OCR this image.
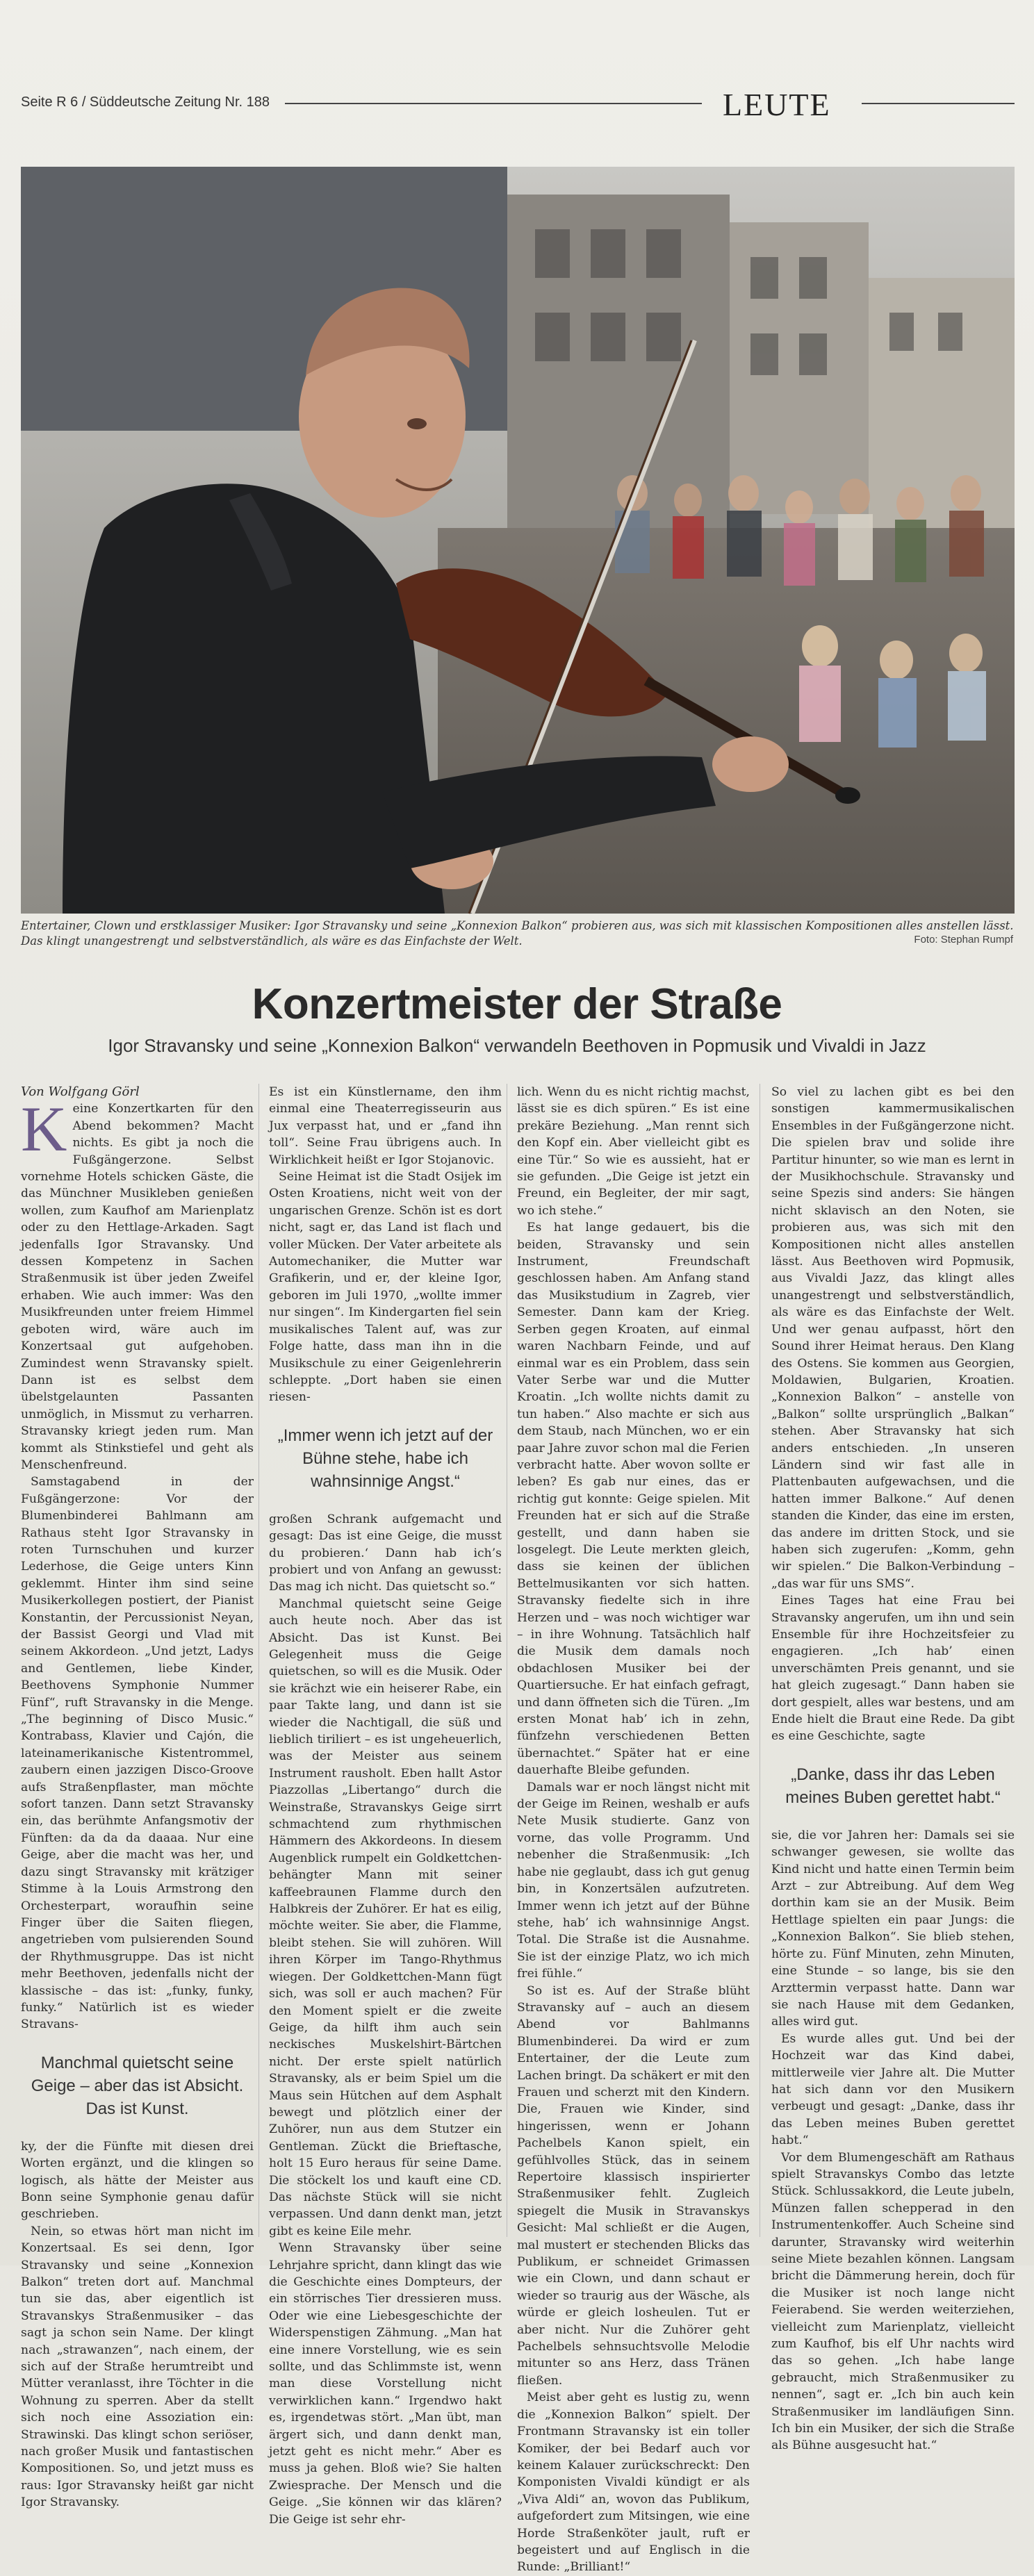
Seite R 6 / Süddeutsche Zeitung Nr. 188	LEUTE
Entertainer, Clown und erstklassiger Musiker: Igor Stravansky und seine „Konnexion Balkon“ probieren aus, was sich mit klassischen Kompositionen alles anstellen lässt. Das klingt unangestrengt und selbstverständlich, als wäre es das Einfachste der Welt.	Foto: Stephan Rumpf
Konzertmeister der Straße
Igor Stravansky und seine „Konnexion Balkon“ verwandeln Beethoven in Popmusik und Vivaldi in Jazz

Von Wolfgang Görl

Keine Konzertkarten für den Abend bekommen? Macht nichts. Es gibt ja noch die Fußgängerzone. Selbst vornehme Hotels schicken Gäste, die das Münchner Musikleben genießen wollen, zum Kaufhof am Marienplatz oder zu den Hettlage-Arkaden. Sagt jedenfalls Igor Stravansky. Und dessen Kompetenz in Sachen Straßenmusik ist über jeden Zweifel erhaben. Wie auch immer: Was den Musikfreunden unter freiem Himmel geboten wird, wäre auch im Konzertsaal gut aufgehoben. Zumindest wenn Stravansky spielt. Dann ist es selbst dem übelstgelaunten Passanten unmöglich, in Missmut zu verharren. Stravansky kriegt jeden rum. Man kommt als Stinkstiefel und geht als Menschenfreund.

Samstagabend in der Fußgängerzone: Vor der Blumenbinderei Bahlmann am Rathaus steht Igor Stravansky in roten Turnschuhen und kurzer Lederhose, die Geige unters Kinn geklemmt. Hinter ihm sind seine Musikerkollegen postiert, der Pianist Konstantin, der Percussionist Neyan, der Bassist Georgi und Vlad mit seinem Akkordeon. „Und jetzt, Ladys and Gentlemen, liebe Kinder, Beethovens Symphonie Nummer Fünf“, ruft Stravansky in die Menge. „The beginning of Disco Music.“ Kontrabass, Klavier und Cajón, die lateinamerikanische Kistentrommel, zaubern einen jazzigen Disco-Groove aufs Straßenpflaster, man möchte sofort tanzen. Dann setzt Stravansky ein, das berühmte Anfangsmotiv der Fünften: da da da daaaa. Nur eine Geige, aber die macht was her, und dazu singt Stravansky mit krätziger Stimme à la Louis Armstrong den Orchesterpart, woraufhin seine Finger über die Saiten fliegen, angetrieben vom pulsierenden Sound der Rhythmusgruppe. Das ist nicht mehr Beethoven, jedenfalls nicht der klassische – das ist: „funky, funky, funky.“ Natürlich ist es wieder Stravans-

Manchmal quietscht seine Geige – aber das ist Absicht. Das ist Kunst.

ky, der die Fünfte mit diesen drei Worten ergänzt, und die klingen so logisch, als hätte der Meister aus Bonn seine Symphonie genau dafür geschrieben.

Nein, so etwas hört man nicht im Konzertsaal. Es sei denn, Igor Stravansky und seine „Konnexion Balkon“ treten dort auf. Manchmal tun sie das, aber eigentlich ist Stravanskys Straßenmusiker – das sagt ja schon sein Name. Der klingt nach „strawanzen“, nach einem, der sich auf der Straße herumtreibt und Mütter veranlasst, ihre Töchter in die Wohnung zu sperren. Aber da stellt sich noch eine Assoziation ein: Strawinski. Das klingt schon seriöser, nach großer Musik und fantastischen Kompositionen. So, und jetzt muss es raus: Igor Stravansky heißt gar nicht Igor Stravansky.

Es ist ein Künstlername, den ihm einmal eine Theaterregisseurin aus Jux verpasst hat, und er „fand ihn toll“. Seine Frau übrigens auch. In Wirklichkeit heißt er Igor Stojanovic.

Seine Heimat ist die Stadt Osijek im Osten Kroatiens, nicht weit von der ungarischen Grenze. Schön ist es dort nicht, sagt er, das Land ist flach und voller Mücken. Der Vater arbeitete als Automechaniker, die Mutter war Grafikerin, und er, der kleine Igor, geboren im Juli 1970, „wollte immer nur singen“. Im Kindergarten fiel sein musikalisches Talent auf, was zur Folge hatte, dass man ihn in die Musikschule zu einer Geigenlehrerin schleppte. „Dort haben sie einen riesen-

„Immer wenn ich jetzt auf der Bühne stehe, habe ich wahnsinnige Angst.“

großen Schrank aufgemacht und gesagt: Das ist eine Geige, die musst du probieren.‘ Dann hab ich’s probiert und von Anfang an gewusst: Das mag ich nicht. Das quietscht so.“

Manchmal quietscht seine Geige auch heute noch. Aber das ist Absicht. Das ist Kunst. Bei Gelegenheit muss die Geige quietschen, so will es die Musik. Oder sie krächzt wie ein heiserer Rabe, ein paar Takte lang, und dann ist sie wieder die Nachtigall, die süß und lieblich tiriliert – es ist ungeheuerlich, was der Meister aus seinem Instrument rausholt. Eben hallt Astor Piazzollas „Libertango“ durch die Weinstraße, Stravanskys Geige sirrt schmachtend zum rhythmischen Hämmern des Akkordeons. In diesem Augenblick rumpelt ein Goldkettchen-behängter Mann mit seiner kaffeebraunen Flamme durch den Halbkreis der Zuhörer. Er hat es eilig, möchte weiter. Sie aber, die Flamme, bleibt stehen. Sie will zuhören. Will ihren Körper im Tango-Rhythmus wiegen. Der Goldkettchen-Mann fügt sich, was soll er auch machen? Für den Moment spielt er die zweite Geige, da hilft ihm auch sein neckisches Muskelshirt-Bärtchen nicht. Der erste spielt natürlich Stravansky, als er beim Spiel um die Maus sein Hütchen auf dem Asphalt bewegt und plötzlich einer der Zuhörer, nun aus dem Stutzer ein Gentleman. Zückt die Brieftasche, holt 15 Euro heraus für seine Dame. Die stöckelt los und kauft eine CD. Das nächste Stück will sie nicht verpassen. Und dann denkt man, jetzt gibt es keine Eile mehr.

Wenn Stravansky über seine Lehrjahre spricht, dann klingt das wie die Geschichte eines Dompteurs, der ein störrisches Tier dressieren muss. Oder wie eine Liebesgeschichte der Widerspenstigen Zähmung. „Man hat eine innere Vorstellung, wie es sein sollte, und das Schlimmste ist, wenn man diese Vorstellung nicht verwirklichen kann.“ Irgendwo hakt es, irgendetwas stört. „Man übt, man ärgert sich, und dann denkt man, jetzt geht es nicht mehr.“ Aber es muss ja gehen. Bloß wie? Sie halten Zwiesprache. Der Mensch und die Geige. „Sie können wir das klären? Die Geige ist sehr ehr-

lich. Wenn du es nicht richtig machst, lässt sie es dich spüren.“ Es ist eine prekäre Beziehung. „Man rennt sich den Kopf ein. Aber vielleicht gibt es eine Tür.“ So wie es aussieht, hat er sie gefunden. „Die Geige ist jetzt ein Freund, ein Begleiter, der mir sagt, wo ich stehe.“

Es hat lange gedauert, bis die beiden, Stravansky und sein Instrument, Freundschaft geschlossen haben. Am Anfang stand das Musikstudium in Zagreb, vier Semester. Dann kam der Krieg. Serben gegen Kroaten, auf einmal waren Nachbarn Feinde, und auf einmal war es ein Problem, dass sein Vater Serbe war und die Mutter Kroatin. „Ich wollte nichts damit zu tun haben.“ Also machte er sich aus dem Staub, nach München, wo er ein paar Jahre zuvor schon mal die Ferien verbracht hatte. Aber wovon sollte er leben? Es gab nur eines, das er richtig gut konnte: Geige spielen. Mit Freunden hat er sich auf die Straße gestellt, und dann haben sie losgelegt. Die Leute merkten gleich, dass sie keinen der üblichen Bettelmusikanten vor sich hatten. Stravansky fiedelte sich in ihre Herzen und – was noch wichtiger war – in ihre Wohnung. Tatsächlich half die Musik dem damals noch obdachlosen Musiker bei der Quartiersuche. Er hat einfach gefragt, und dann öffneten sich die Türen. „Im ersten Monat hab’ ich in zehn, fünfzehn verschiedenen Betten übernachtet.“ Später hat er eine dauerhafte Bleibe gefunden.

Damals war er noch längst nicht mit der Geige im Reinen, weshalb er aufs Nete Musik studierte. Ganz von vorne, das volle Programm. Und nebenher die Straßenmusik: „Ich habe nie geglaubt, dass ich gut genug bin, in Konzertsälen aufzutreten. Immer wenn ich jetzt auf der Bühne stehe, hab’ ich wahnsinnige Angst. Total. Die Straße ist die Ausnahme. Sie ist der einzige Platz, wo ich mich frei fühle.“

So ist es. Auf der Straße blüht Stravansky auf – auch an diesem Abend vor Bahlmanns Blumenbinderei. Da wird er zum Entertainer, der die Leute zum Lachen bringt. Da schäkert er mit den Frauen und scherzt mit den Kindern. Die, Frauen wie Kinder, sind hingerissen, wenn er Johann Pachelbels Kanon spielt, ein gefühlvolles Stück, das in seinem Repertoire klassisch inspirierter Straßenmusiker fehlt. Zugleich spiegelt die Musik in Stravanskys Gesicht: Mal schließt er die Augen, mal mustert er stechenden Blicks das Publikum, er schneidet Grimassen wie ein Clown, und dann schaut er wieder so traurig aus der Wäsche, als würde er gleich losheulen. Tut er aber nicht. Nur die Zuhörer geht Pachelbels sehnsuchtsvolle Melodie mitunter so ans Herz, dass Tränen fließen.

Meist aber geht es lustig zu, wenn die „Konnexion Balkon“ spielt. Der Frontmann Stravansky ist ein toller Komiker, der bei Bedarf auch vor keinem Kalauer zurückschreckt: Den Komponisten Vivaldi kündigt er als „Viva Aldi“ an, wovon das Publikum, aufgefordert zum Mitsingen, wie eine Horde Straßenköter jault, ruft er begeistert und auf Englisch in die Runde: „Brilliant!“

So viel zu lachen gibt es bei den sonstigen kammermusikalischen Ensembles in der Fußgängerzone nicht. Die spielen brav und solide ihre Partitur hinunter, so wie man es lernt in der Musikhochschule. Stravansky und seine Spezis sind anders: Sie hängen nicht sklavisch an den Noten, sie probieren aus, was sich mit den Kompositionen nicht alles anstellen lässt. Aus Beethoven wird Popmusik, aus Vivaldi Jazz, das klingt alles unangestrengt und selbstverständlich, als wäre es das Einfachste der Welt. Und wer genau aufpasst, hört den Sound ihrer Heimat heraus. Den Klang des Ostens. Sie kommen aus Georgien, Moldawien, Bulgarien, Kroatien. „Konnexion Balkon“ – anstelle von „Balkon“ sollte ursprünglich „Balkan“ stehen. Aber Stravansky hat sich anders entschieden. „In unseren Ländern sind wir fast alle in Plattenbauten aufgewachsen, und die hatten immer Balkone.“ Auf denen standen die Kinder, das eine im ersten, das andere im dritten Stock, und sie haben sich zugerufen: „Komm, gehn wir spielen.“ Die Balkon-Verbindung – „das war für uns SMS“.

Eines Tages hat eine Frau bei Stravansky angerufen, um ihn und sein Ensemble für ihre Hochzeitsfeier zu engagieren. „Ich hab’ einen unverschämten Preis genannt, und sie hat gleich zugesagt.“ Dann haben sie dort gespielt, alles war bestens, und am Ende hielt die Braut eine Rede. Da gibt es eine Geschichte, sagte

„Danke, dass ihr das Leben meines Buben gerettet habt.“

sie, die vor Jahren her: Damals sei sie schwanger gewesen, sie wollte das Kind nicht und hatte einen Termin beim Arzt – zur Abtreibung. Auf dem Weg dorthin kam sie an der Musik. Beim Hettlage spielten ein paar Jungs: die „Konnexion Balkon“. Sie blieb stehen, hörte zu. Fünf Minuten, zehn Minuten, eine Stunde – so lange, bis sie den Arzttermin verpasst hatte. Dann war sie nach Hause mit dem Gedanken, alles wird gut.

Es wurde alles gut. Und bei der Hochzeit war das Kind dabei, mittlerweile vier Jahre alt. Die Mutter hat sich dann vor den Musikern verbeugt und gesagt: „Danke, dass ihr das Leben meines Buben gerettet habt.“

Vor dem Blumengeschäft am Rathaus spielt Stravanskys Combo das letzte Stück. Schlussakkord, die Leute jubeln, Münzen fallen schepperad in den Instrumentenkoffer. Auch Scheine sind darunter, Stravansky wird weiterhin seine Miete bezahlen können. Langsam bricht die Dämmerung herein, doch für die Musiker ist noch lange nicht Feierabend. Sie werden weiterziehen, vielleicht zum Marienplatz, vielleicht zum Kaufhof, bis elf Uhr nachts wird das so gehen. „Ich habe lange gebraucht, mich Straßenmusiker zu nennen“, sagt er. „Ich bin auch kein Straßenmusiker im landläufigen Sinn. Ich bin ein Musiker, der sich die Straße als Bühne ausgesucht hat.“
